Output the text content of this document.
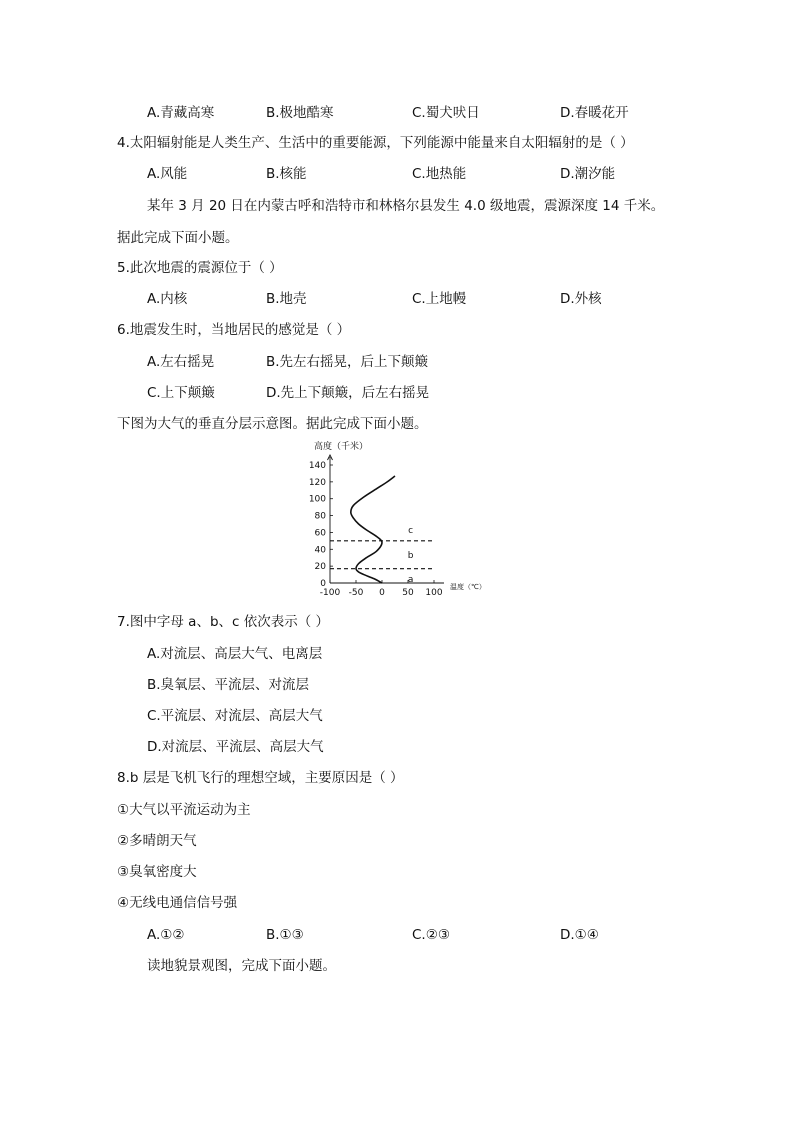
A.青藏高寒	B.极地酷寒	C.蜀犬吠日	D.春暖花开
4.太阳辐射能是人类生产、生活中的重要能源，下列能源中能量来自太阳辐射的是（ ）
A.风能	B.核能	C.地热能	D.潮汐能
某年 3 月 20 日在内蒙古呼和浩特市和林格尔县发生 4.0 级地震，震源深度 14 千米。
据此完成下面小题。
5.此次地震的震源位于（ ）
A.内核	B.地壳	C.上地幔	D.外核
6.地震发生时，当地居民的感觉是（ ）
A.左右摇晃	B.先左右摇晃，后上下颠簸
C.上下颠簸	D.先上下颠簸，后左右摇晃
下图为大气的垂直分层示意图。据此完成下面小题。
高度（千米）
温度（℃）
0
20
40
60
80
100
120
140
-100 -50 0 50 100
a
b
c
7.图中字母 a、b、c 依次表示（ ）
A.对流层、高层大气、电离层
B.臭氧层、平流层、对流层
C.平流层、对流层、高层大气
D.对流层、平流层、高层大气
8.b 层是飞机飞行的理想空域，主要原因是（ ）
①大气以平流运动为主
②多晴朗天气
③臭氧密度大
④无线电通信信号强
A.①②	B.①③	C.②③	D.①④
读地貌景观图，完成下面小题。
